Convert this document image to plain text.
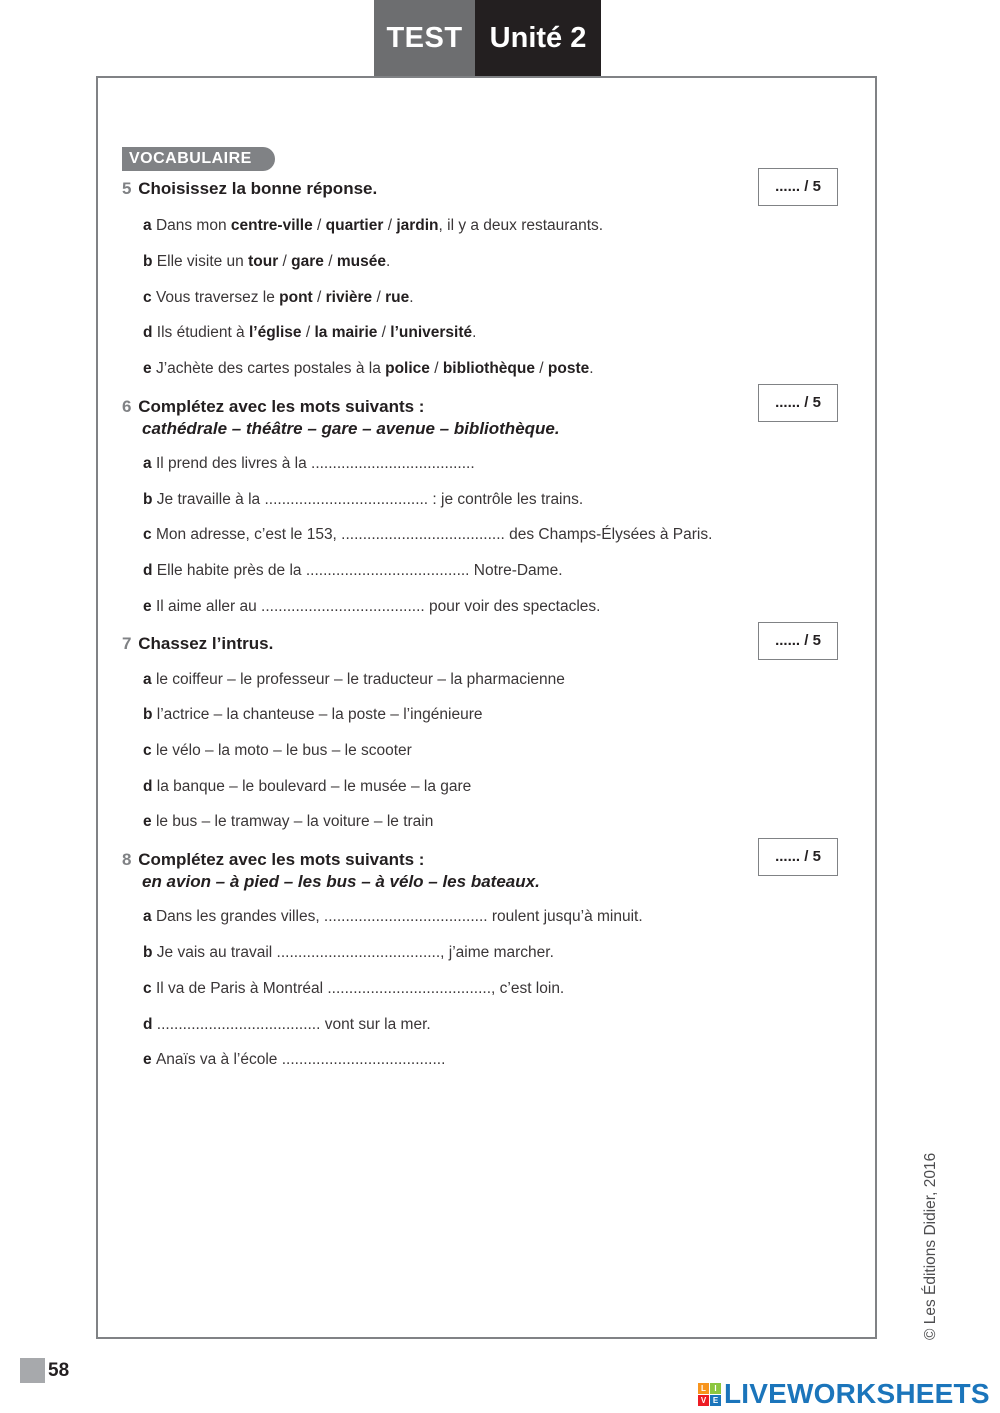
TEST Unité 2
VOCABULAIRE
5 Choisissez la bonne réponse.	...... / 5
a Dans mon centre-ville / quartier / jardin, il y a deux restaurants.
b Elle visite un tour / gare / musée.
c Vous traversez le pont / rivière / rue.
d Ils étudient à l’église / la mairie / l’université.
e J’achète des cartes postales à la police / bibliothèque / poste.
6 Complétez avec les mots suivants :
cathédrale – théâtre – gare – avenue – bibliothèque.
...... / 5
a Il prend des livres à la ......................................
b Je travaille à la ...................................... : je contrôle les trains.
c Mon adresse, c’est le 153, ...................................... des Champs-Élysées à Paris.
d Elle habite près de la ...................................... Notre-Dame.
e Il aime aller au ...................................... pour voir des spectacles.
7 Chassez l’intrus.	...... / 5
a le coiffeur – le professeur – le traducteur – la pharmacienne
b l’actrice – la chanteuse – la poste – l’ingénieure
c le vélo – la moto – le bus – le scooter
d la banque – le boulevard – le musée – la gare
e le bus – le tramway – la voiture – le train
8 Complétez avec les mots suivants :
en avion – à pied – les bus – à vélo – les bateaux.
...... / 5
a Dans les grandes villes, ...................................... roulent jusqu’à minuit.
b Je vais au travail ......................................, j’aime marcher.
c Il va de Paris à Montréal ......................................, c’est loin.
d ...................................... vont sur la mer.
e Anaïs va à l’école ......................................
© Les Éditions Didier, 2016
58
L	I
V E LIVEWORKSHEETS
